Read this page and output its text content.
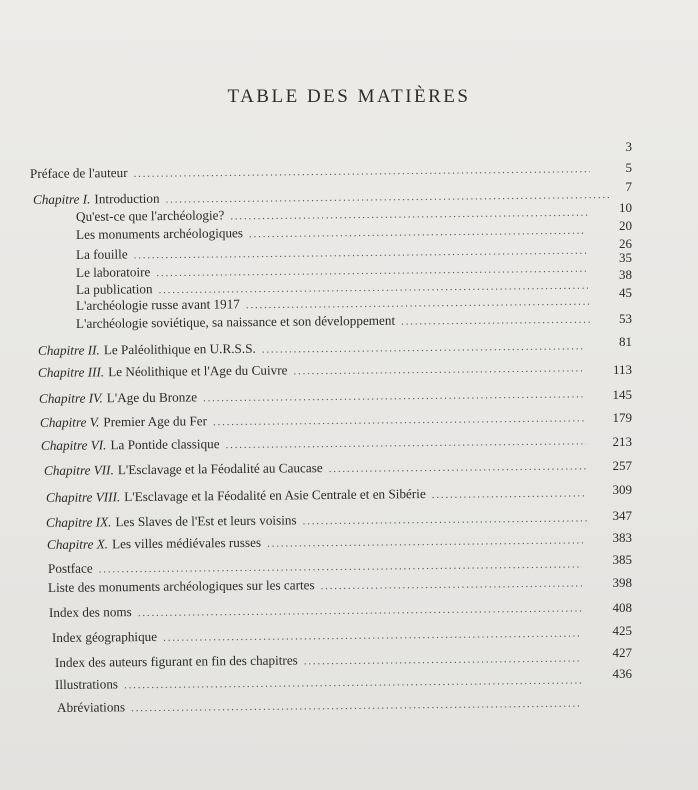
TABLE DES MATIÈRES
Préface de l'auteur
.....
Chapitre I. Introduction
.....
Qu'est-ce que l'archéologie?
.....
Les monuments archéologiques
.....
La fouille
.....
Le laboratoire
.....
La publication
.....
L'archéologie russe avant 1917
.....
L'archéologie soviétique, sa naissance et son développement
.....
Chapitre II. Le Paléolithique en U.R.S.S.
.....
Chapitre III. Le Néolithique et l'Age du Cuivre
.....
Chapitre IV. L'Age du Bronze
.....
Chapitre V. Premier Age du Fer
.....
Chapitre VI. La Pontide classique
.....
Chapitre VII. L'Esclavage et la Féodalité au Caucase
.....
Chapitre VIII. L'Esclavage et la Féodalité en Asie Centrale et en Sibérie
.....
Chapitre IX. Les Slaves de l'Est et leurs voisins
.....
Chapitre X. Les villes médiévales russes
.....
Postface
.....
Liste des monuments archéologiques sur les cartes
.....
Index des noms
.....
Index géographique
.....
Index des auteurs figurant en fin des chapitres
.....
Illustrations
.....
Abréviations
.....
3
5
7
10
20
26
35
38
45
53
81
113
145
179
213
257
309
347
383
385
398
408
425
427
436
